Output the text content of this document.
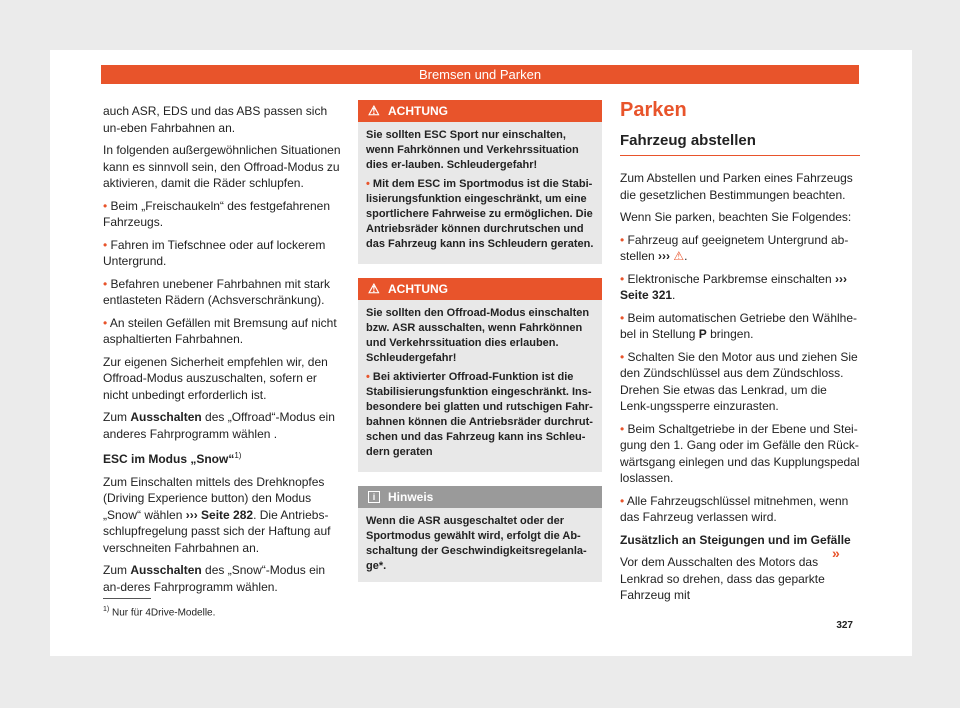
Bremsen und Parken

auch ASR, EDS und das ABS passen sich un-eben Fahrbahnen an.

In folgenden außergewöhnlichen Situationen kann es sinnvoll sein, den Offroad-Modus zu aktivieren, damit die Räder schlupfen.

• Beim „Freischaukeln“ des festgefahrenen Fahrzeugs.

• Fahren im Tiefschnee oder auf lockerem Untergrund.

• Befahren unebener Fahrbahnen mit stark entlasteten Rädern (Achsverschränkung).

• An steilen Gefällen mit Bremsung auf nicht asphaltierten Fahrbahnen.

Zur eigenen Sicherheit empfehlen wir, den Offroad-Modus auszuschalten, sofern er nicht unbedingt erforderlich ist.

Zum Ausschalten des „Offroad“-Modus ein anderes Fahrprogramm wählen .

ESC im Modus „Snow“$^{1)}$

Zum Einschalten mittels des Drehknopfes (Driving Experience button) den Modus „Snow“ wählen ››› Seite 282. Die Antriebs-schlupfregelung passt sich der Haftung auf verschneiten Fahrbahnen an.

Zum Ausschalten des „Snow“-Modus ein an-deres Fahrprogramm wählen.

⚠ ACHTUNG

Sie sollten ESC Sport nur einschalten, wenn Fahrkönnen und Verkehrssituation dies er-lauben. Schleudergefahr!

• Mit dem ESC im Sportmodus ist die Stabi-lisierungsfunktion eingeschränkt, um eine sportlichere Fahrweise zu ermöglichen. Die Antriebsräder können durchrutschen und das Fahrzeug kann ins Schleudern geraten.

⚠ ACHTUNG

Sie sollten den Offroad-Modus einschalten bzw. ASR ausschalten, wenn Fahrkönnen und Verkehrssituation dies erlauben. Schleudergefahr!

• Bei aktivierter Offroad-Funktion ist die Stabilisierungsfunktion eingeschränkt. Ins-besondere bei glatten und rutschigen Fahr-bahnen können die Antriebsräder durchrut-schen und das Fahrzeug kann ins Schleu-dern geraten

i	Hinweis
Wenn die ASR ausgeschaltet oder der Sportmodus gewählt wird, erfolgt die Ab-schaltung der Geschwindigkeitsregelanla-ge*.
Parken
Fahrzeug abstellen

Zum Abstellen und Parken eines Fahrzeugs die gesetzlichen Bestimmungen beachten.

Wenn Sie parken, beachten Sie Folgendes:

• Fahrzeug auf geeignetem Untergrund ab-stellen ››› ⚠.

• Elektronische Parkbremse einschalten ››› Seite 321.

• Beim automatischen Getriebe den Wählhe-bel in Stellung P bringen.

• Schalten Sie den Motor aus und ziehen Sie den Zündschlüssel aus dem Zündschloss. Drehen Sie etwas das Lenkrad, um die Lenk-ungssperre einzurasten.

• Beim Schaltgetriebe in der Ebene und Stei-gung den 1. Gang oder im Gefälle den Rück-wärtsgang einlegen und das Kupplungspedal loslassen.

• Alle Fahrzeugschlüssel mitnehmen, wenn das Fahrzeug verlassen wird.

Zusätzlich an Steigungen und im Gefälle

Vor dem Ausschalten des Motors das Lenkrad so drehen, dass das geparkte Fahrzeug mit

»
$^{1)}$ Nur für 4Drive-Modelle.
327
